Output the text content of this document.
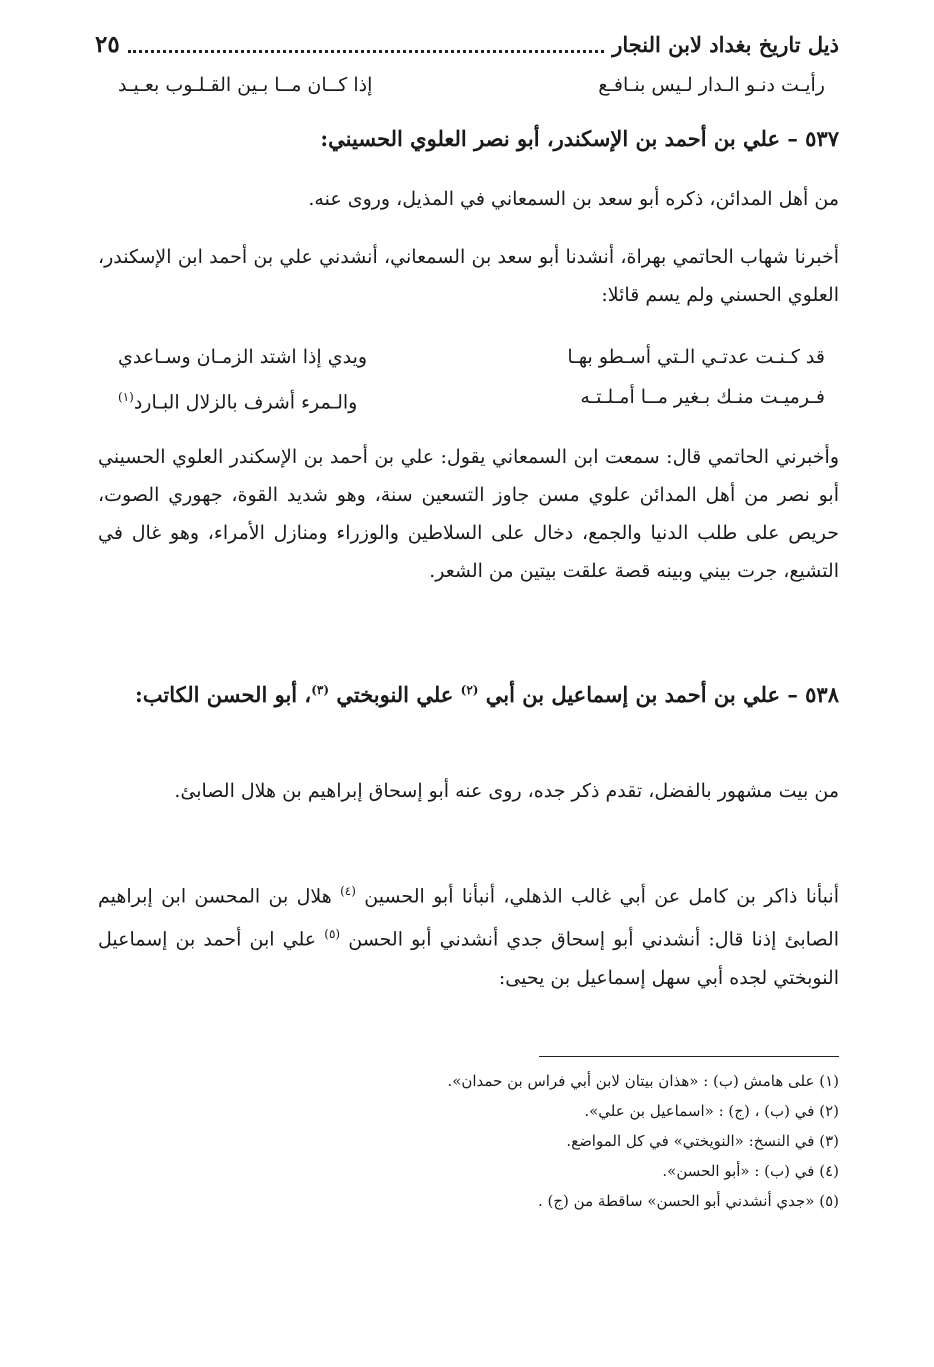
ذيل تاريخ بغداد لابن النجار
٢٥
رأيـت دنـو الـدار لـيس بنـافـع
إذا كــان مــا بـين القـلـوب بعـيـد
٥٣٧ – علي بن أحمد بن الإسكندر، أبو نصر العلوي الحسيني:
من أهل المدائن، ذكره أبو سعد بن السمعاني في المذيل، وروى عنه.
أخبرنا شهاب الحاتمي بهراة، أنشدنا أبو سعد بن السمعاني، أنشدني علي بن أحمد ابن الإسكندر، العلوي الحسني ولم يسم قائلا:
قد كـنـت عدتـي الـتي أسـطو بهـا
ويدي إذا اشتد الزمـان وسـاعدي
فـرميـت منـك بـغير مــا أمـلـتـه
والـمرء أشرف بالزلال البـارد$^{(١)}$
وأخبرني الحاتمي قال: سمعت ابن السمعاني يقول: علي بن أحمد بن الإسكندر العلوي الحسيني أبو نصر من أهل المدائن علوي مسن جاوز التسعين سنة، وهو شديد القوة، جهوري الصوت، حريص على طلب الدنيا والجمع، دخال على السلاطين والوزراء ومنازل الأمراء، وهو غال في التشيع، جرت بيني وبينه قصة علقت بيتين من الشعر.
٥٣٨ – علي بن أحمد بن إسماعيل بن أبي $^{(٢)}$ علي النوبختي $^{(٣)}$، أبو الحسن الكاتب:
من بيت مشهور بالفضل، تقدم ذكر جده، روى عنه أبو إسحاق إبراهيم بن هلال الصابئ.
أنبأنا ذاكر بن كامل عن أبي غالب الذهلي، أنبأنا أبو الحسين $^{(٤)}$ هلال بن المحسن ابن إبراهيم الصابئ إذنا قال: أنشدني أبو إسحاق جدي أنشدني أبو الحسن $^{(٥)}$ علي ابن أحمد بن إسماعيل النوبختي لجده أبي سهل إسماعيل بن يحيى:
(١) على هامش (ب) : «هذان بيتان لابن أبي فراس بن حمدان».
(٢) في (ب) ، (ج) : «اسماعيل بن علي».
(٣) في النسخ: «النويختي» في كل المواضع.
(٤) في (ب) : «أبو الحسن».
(٥) «جدي أنشدني أبو الحسن» ساقطة من (ج) .
